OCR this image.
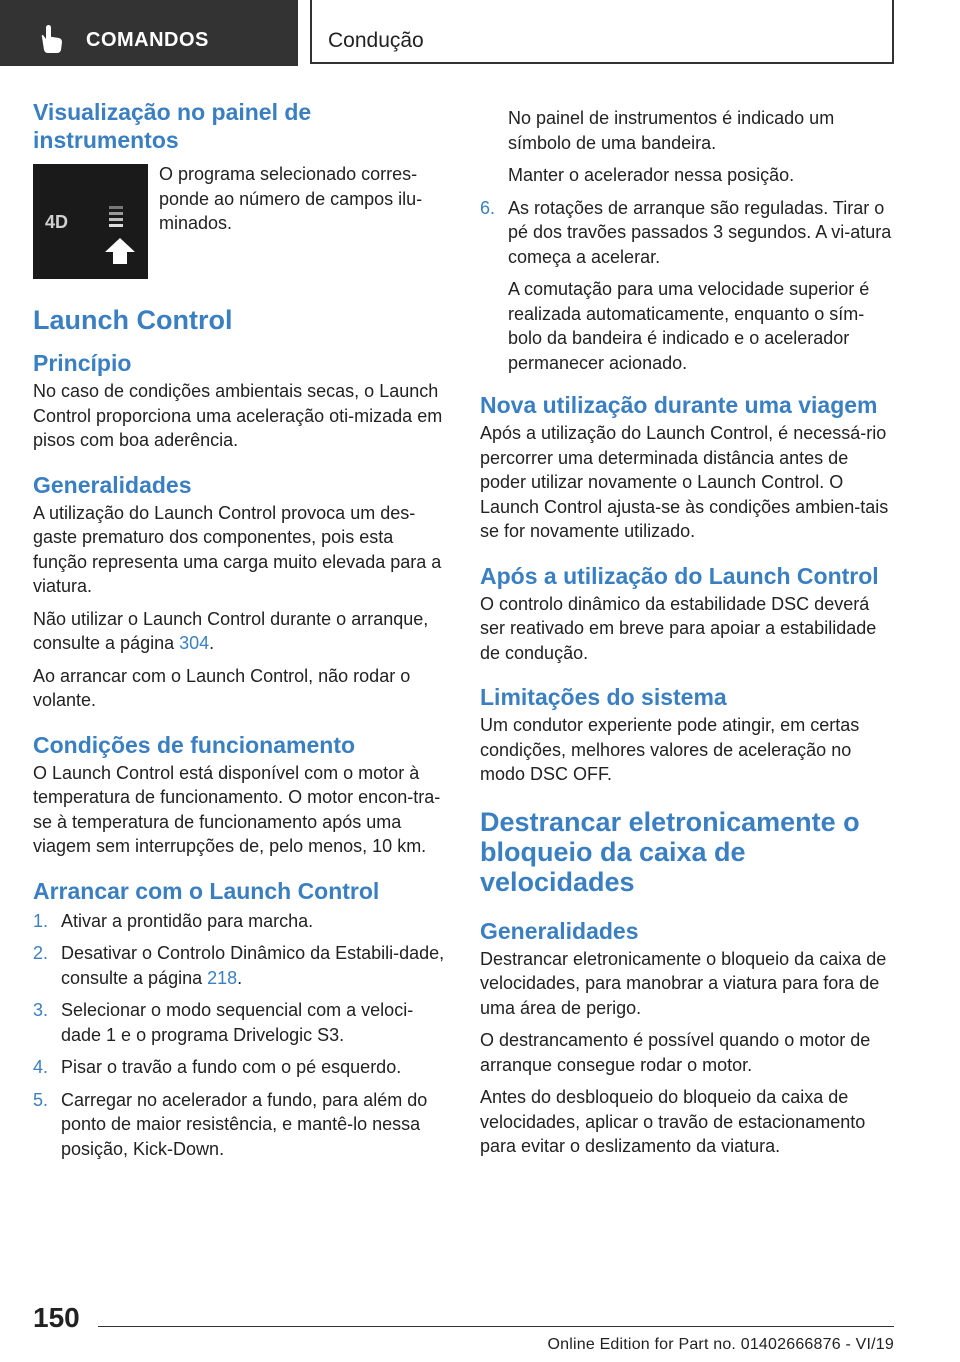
COMANDOS	Condução
Visualização no painel de instrumentos
4D

O programa selecionado corres-ponde ao número de campos ilu-minados.

Launch Control
Princípio

No caso de condições ambientais secas, o Launch Control proporciona uma aceleração oti-mizada em pisos com boa aderência.

Generalidades

A utilização do Launch Control provoca um des-gaste prematuro dos componentes, pois esta função representa uma carga muito elevada para a viatura.

Não utilizar o Launch Control durante o arranque, consulte a página 304.

Ao arrancar com o Launch Control, não rodar o volante.

Condições de funcionamento

O Launch Control está disponível com o motor à temperatura de funcionamento. O motor encon-tra-se à temperatura de funcionamento após uma viagem sem interrupções de, pelo menos, 10 km.

Arrancar com o Launch Control
1. Ativar a prontidão para marcha.
2. Desativar o Controlo Dinâmico da Estabili-dade, consulte a página 218.
3. Selecionar o modo sequencial com a veloci-dade 1 e o programa Drivelogic S3.
4. Pisar o travão a fundo com o pé esquerdo.
5. Carregar no acelerador a fundo, para além do ponto de maior resistência, e mantê-lo nessa posição, Kick-Down.

No painel de instrumentos é indicado um símbolo de uma bandeira.

Manter o acelerador nessa posição.

6. As rotações de arranque são reguladas. Tirar o pé dos travões passados 3 segundos. A vi-atura começa a acelerar.

A comutação para uma velocidade superior é realizada automaticamente, enquanto o sím-bolo da bandeira é indicado e o acelerador permanecer acionado.

Nova utilização durante uma viagem

Após a utilização do Launch Control, é necessá-rio percorrer uma determinada distância antes de poder utilizar novamente o Launch Control. O Launch Control ajusta-se às condições ambien-tais se for novamente utilizado.

Após a utilização do Launch Control

O controlo dinâmico da estabilidade DSC deverá ser reativado em breve para apoiar a estabilidade de condução.

Limitações do sistema

Um condutor experiente pode atingir, em certas condições, melhores valores de aceleração no modo DSC OFF.

Destrancar eletronicamente o bloqueio da caixa de velocidades
Generalidades

Destrancar eletronicamente o bloqueio da caixa de velocidades, para manobrar a viatura para fora de uma área de perigo.

O destrancamento é possível quando o motor de arranque consegue rodar o motor.

Antes do desbloqueio do bloqueio da caixa de velocidades, aplicar o travão de estacionamento para evitar o deslizamento da viatura.

150
Online Edition for Part no. 01402666876 - VI/19
